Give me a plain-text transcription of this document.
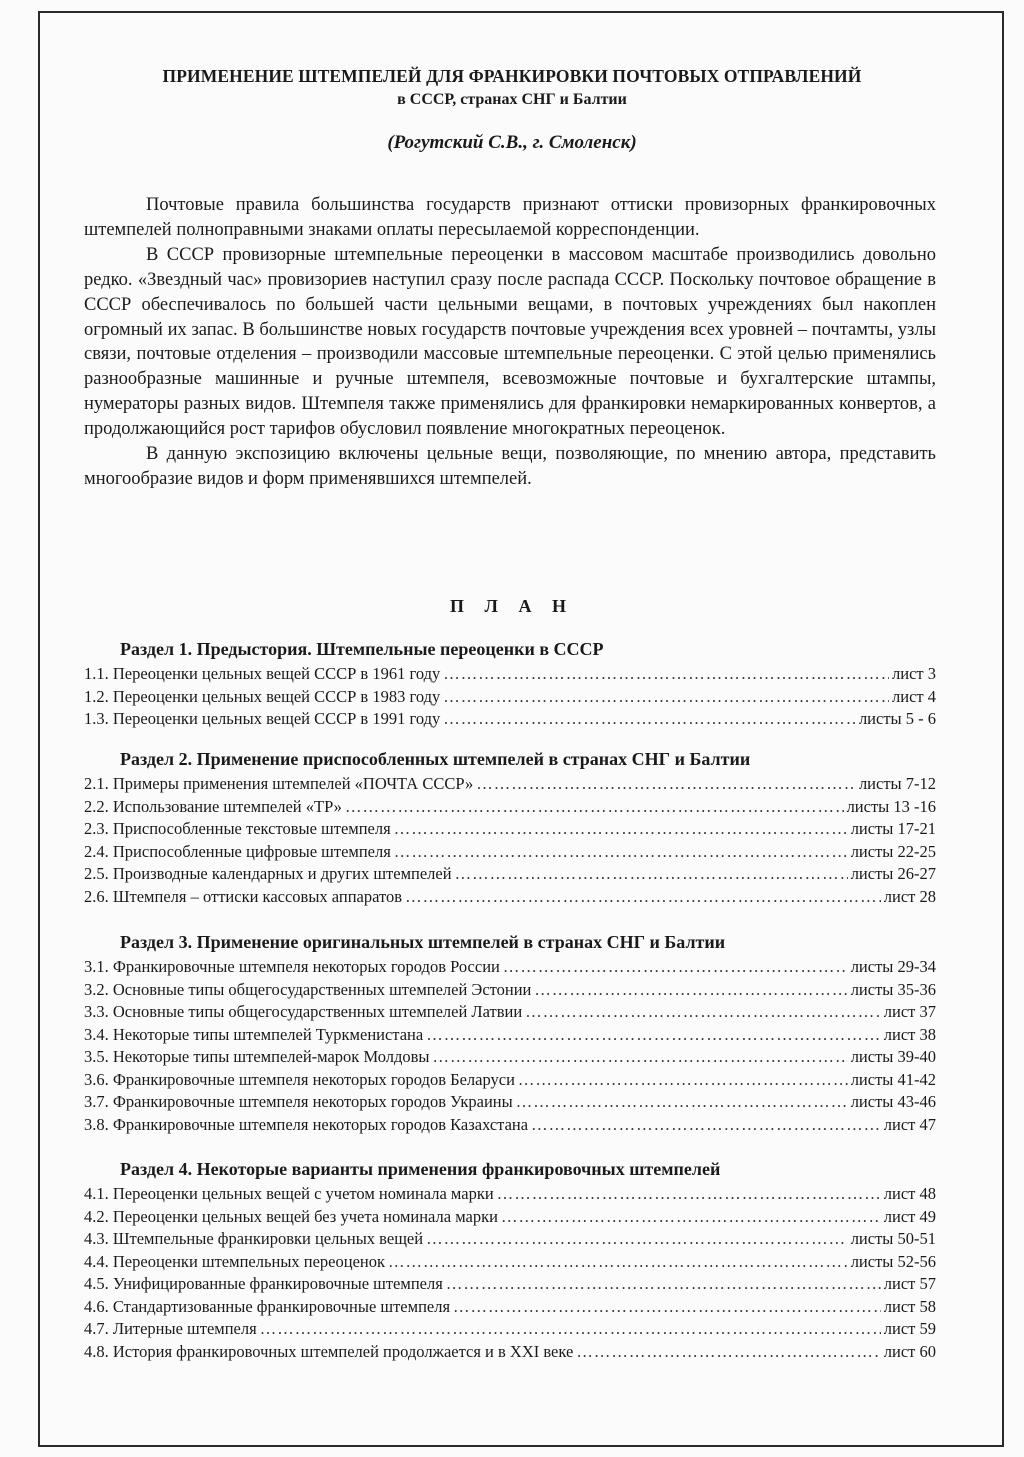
ПРИМЕНЕНИЕ ШТЕМПЕЛЕЙ ДЛЯ ФРАНКИРОВКИ ПОЧТОВЫХ ОТПРАВЛЕНИЙ
в СССР, странах СНГ и Балтии
(Рогутский С.В., г. Смоленск)

Почтовые правила большинства государств признают оттиски провизорных франкировочных штемпелей полноправными знаками оплаты пересылаемой корреспонденции.

В СССР провизорные штемпельные переоценки в массовом масштабе производились довольно редко. «Звездный час» провизориев наступил сразу после распада СССР. Поскольку почтовое обращение в СССР обеспечивалось по большей части цельными вещами, в почтовых учреждениях был накоплен огромный их запас. В большинстве новых государств почтовые учреждения всех уровней – почтамты, узлы связи, почтовые отделения – производили массовые штемпельные переоценки. С этой целью применялись разнообразные машинные и ручные штемпеля, всевозможные почтовые и бухгалтерские штампы, нумераторы разных видов. Штемпеля также применялись для франкировки немаркированных конвертов, а продолжающийся рост тарифов обусловил появление многократных переоценок.

В данную экспозицию включены цельные вещи, позволяющие, по мнению автора, представить многообразие видов и форм применявшихся штемпелей.

П Л А Н
Раздел 1. Предыстория. Штемпельные переоценки в СССР
1.1. Переоценки цельных вещей СССР в 1961 году ……………………………………………………………………………………………………………………………………………………	лист 3
1.2. Переоценки цельных вещей СССР в 1983 году ……………………………………………………………………………………………………………………………………………………	лист 4
1.3. Переоценки цельных вещей СССР в 1991 году ……………………………………………………………………………………………………………………………………………………	листы 5 - 6
Раздел 2. Применение приспособленных штемпелей в странах СНГ и Балтии
2.1. Примеры применения штемпелей «ПОЧТА СССР» ……………………………………………………………………………………………………………………………………………………	листы 7-12
2.2. Использование штемпелей «ТР» ……………………………………………………………………………………………………………………………………………………	листы 13 -16
2.3. Приспособленные текстовые штемпеля ……………………………………………………………………………………………………………………………………………………	листы 17-21
2.4. Приспособленные цифровые штемпеля ……………………………………………………………………………………………………………………………………………………	листы 22-25
2.5. Производные календарных и других штемпелей ……………………………………………………………………………………………………………………………………………………	листы 26-27
2.6. Штемпеля – оттиски кассовых аппаратов ……………………………………………………………………………………………………………………………………………………	лист 28
Раздел 3. Применение оригинальных штемпелей в странах СНГ и Балтии
3.1. Франкировочные штемпеля некоторых городов России ……………………………………………………………………………………………………………………………………………………	листы 29-34
3.2. Основные типы общегосударственных штемпелей Эстонии ……………………………………………………………………………………………………………………………………………………	листы 35-36
3.3. Основные типы общегосударственных штемпелей Латвии ……………………………………………………………………………………………………………………………………………………	лист 37
3.4. Некоторые типы штемпелей Туркменистана ……………………………………………………………………………………………………………………………………………………	лист 38
3.5. Некоторые типы штемпелей-марок Молдовы ……………………………………………………………………………………………………………………………………………………	листы 39-40
3.6. Франкировочные штемпеля некоторых городов Беларуси ……………………………………………………………………………………………………………………………………………………	листы 41-42
3.7. Франкировочные штемпеля некоторых городов Украины ……………………………………………………………………………………………………………………………………………………	листы 43-46
3.8. Франкировочные штемпеля некоторых городов Казахстана ……………………………………………………………………………………………………………………………………………………	лист 47
Раздел 4. Некоторые варианты применения франкировочных штемпелей
4.1. Переоценки цельных вещей с учетом номинала марки ……………………………………………………………………………………………………………………………………………………	лист 48
4.2. Переоценки цельных вещей без учета номинала марки ……………………………………………………………………………………………………………………………………………………	лист 49
4.3. Штемпельные франкировки цельных вещей ……………………………………………………………………………………………………………………………………………………	листы 50-51
4.4. Переоценки штемпельных переоценок ……………………………………………………………………………………………………………………………………………………	листы 52-56
4.5. Унифицированные франкировочные штемпеля ……………………………………………………………………………………………………………………………………………………	лист 57
4.6. Стандартизованные франкировочные штемпеля ……………………………………………………………………………………………………………………………………………………	лист 58
4.7. Литерные штемпеля ……………………………………………………………………………………………………………………………………………………	лист 59
4.8. История франкировочных штемпелей продолжается и в XXI веке ……………………………………………………………………………………………………………………………………………………	лист 60
